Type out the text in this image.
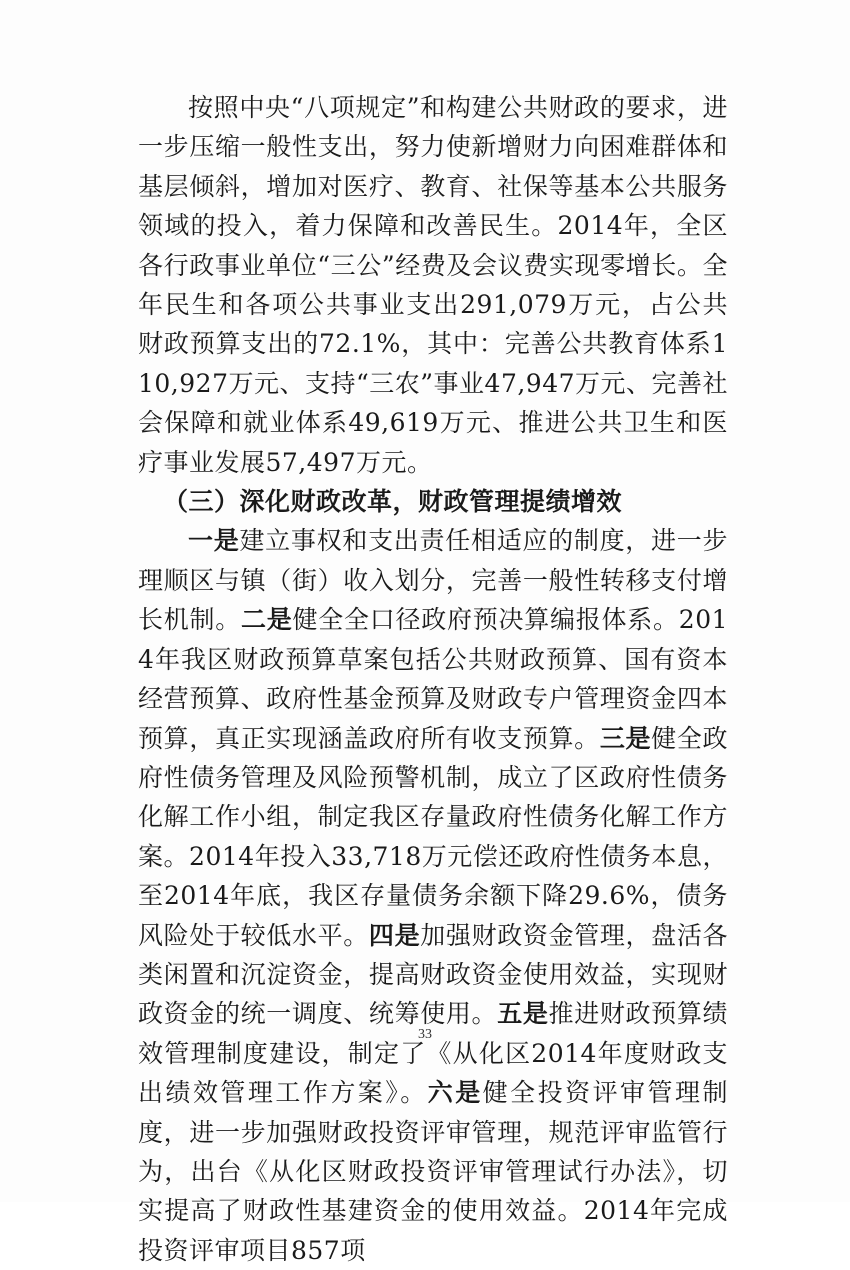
按照中央“八项规定”和构建公共财政的要求，进一步压缩一般性支出，努力使新增财力向困难群体和基层倾斜，增加对医疗、教育、社保等基本公共服务领域的投入，着力保障和改善民生。2014年，全区各行政事业单位“三公”经费及会议费实现零增长。全年民生和各项公共事业支出291,079万元，占公共财政预算支出的72.1%，其中：完善公共教育体系110,927万元、支持“三农”事业47,947万元、完善社会保障和就业体系49,619万元、推进公共卫生和医疗事业发展57,497万元。

（三）深化财政改革，财政管理提绩增效

一是建立事权和支出责任相适应的制度，进一步理顺区与镇（街）收入划分，完善一般性转移支付增长机制。二是健全全口径政府预决算编报体系。2014年我区财政预算草案包括公共财政预算、国有资本经营预算、政府性基金预算及财政专户管理资金四本预算，真正实现涵盖政府所有收支预算。三是健全政府性债务管理及风险预警机制，成立了区政府性债务化解工作小组，制定我区存量政府性债务化解工作方案。2014年投入33,718万元偿还政府性债务本息，至2014年底，我区存量债务余额下降29.6%，债务风险处于较低水平。四是加强财政资金管理，盘活各类闲置和沉淀资金，提高财政资金使用效益，实现财政资金的统一调度、统筹使用。五是推进财政预算绩效管理制度建设，制定了《从化区2014年度财政支出绩效管理工作方案》。六是健全投资评审管理制度，进一步加强财政投资评审管理，规范评审监管行为，出台《从化区财政投资评审管理试行办法》，切实提高了财政性基建资金的使用效益。2014年完成投资评审项目857项

33
